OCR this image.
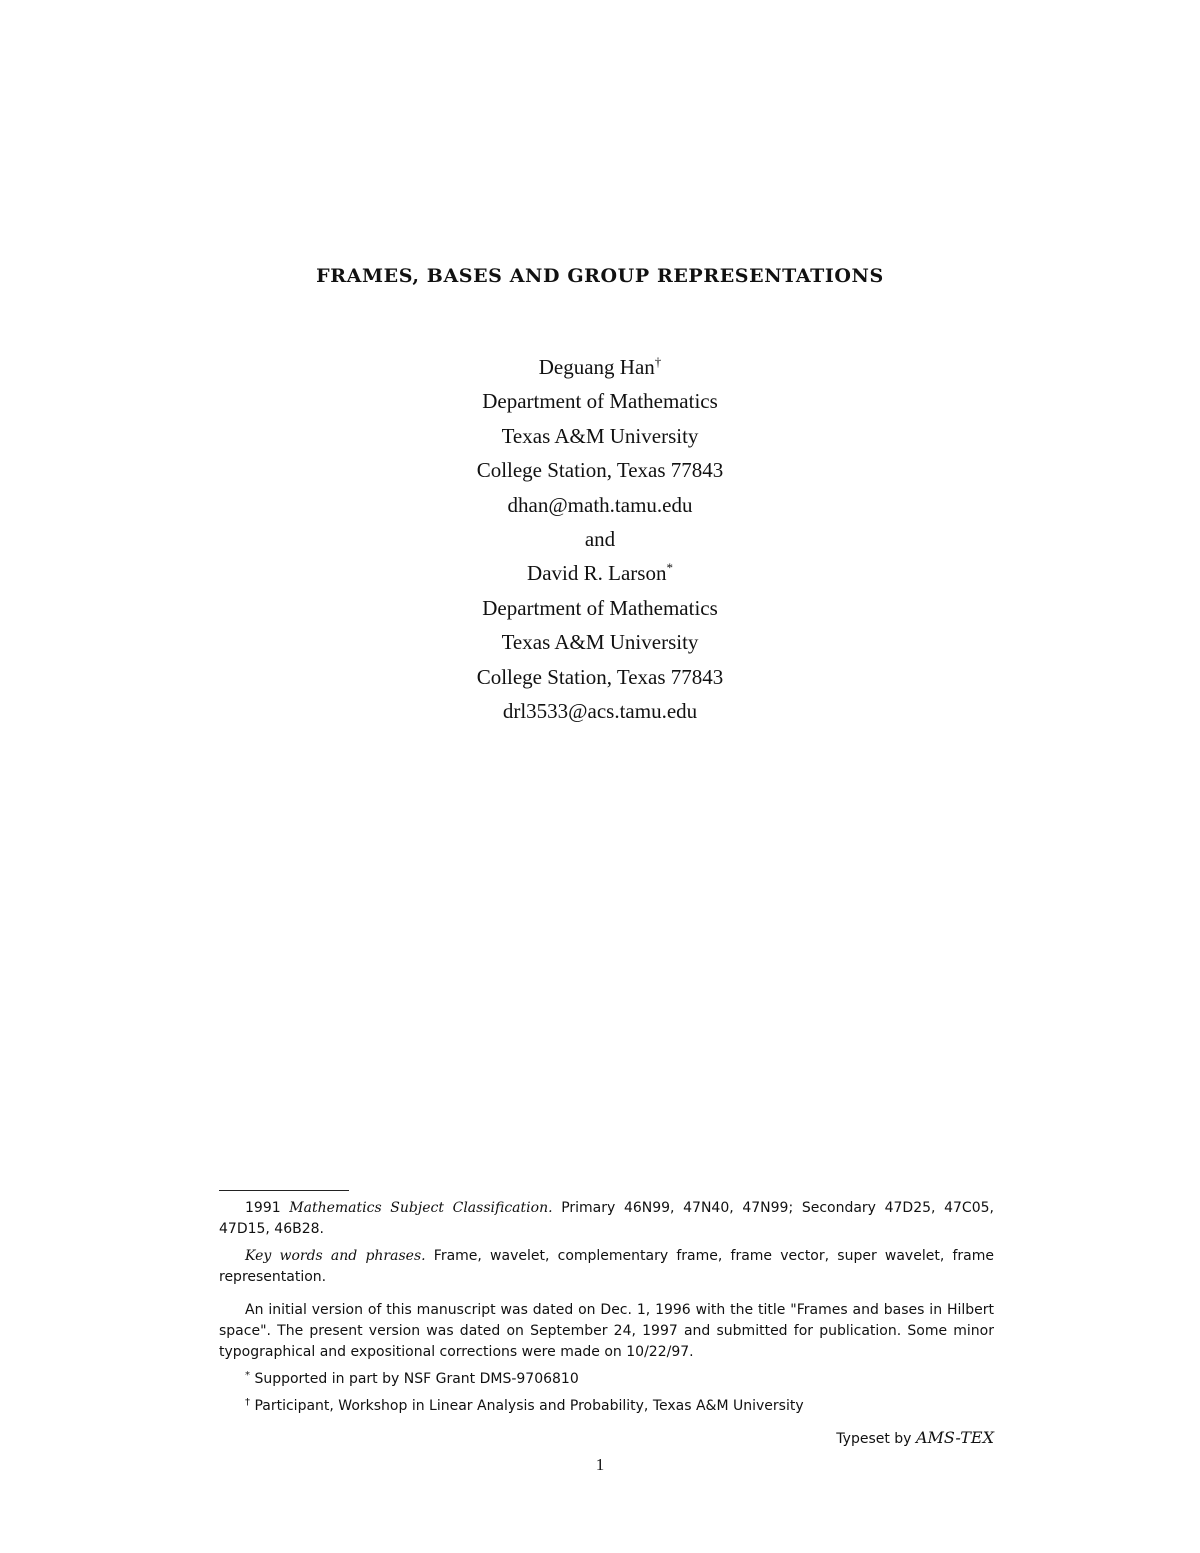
FRAMES, BASES AND GROUP REPRESENTATIONS
Deguang Han†
Department of Mathematics
Texas A&M University
College Station, Texas 77843
dhan@math.tamu.edu
and
David R. Larson*
Department of Mathematics
Texas A&M University
College Station, Texas 77843
drl3533@acs.tamu.edu

1991 Mathematics Subject Classification. Primary 46N99, 47N40, 47N99; Secondary 47D25, 47C05, 47D15, 46B28.

Key words and phrases. Frame, wavelet, complementary frame, frame vector, super wavelet, frame representation.

An initial version of this manuscript was dated on Dec. 1, 1996 with the title "Frames and bases in Hilbert space". The present version was dated on September 24, 1997 and submitted for publication. Some minor typographical and expositional corrections were made on 10/22/97.

* Supported in part by NSF Grant DMS-9706810

† Participant, Workshop in Linear Analysis and Probability, Texas A&M University

Typeset by AMS-TEX
1
